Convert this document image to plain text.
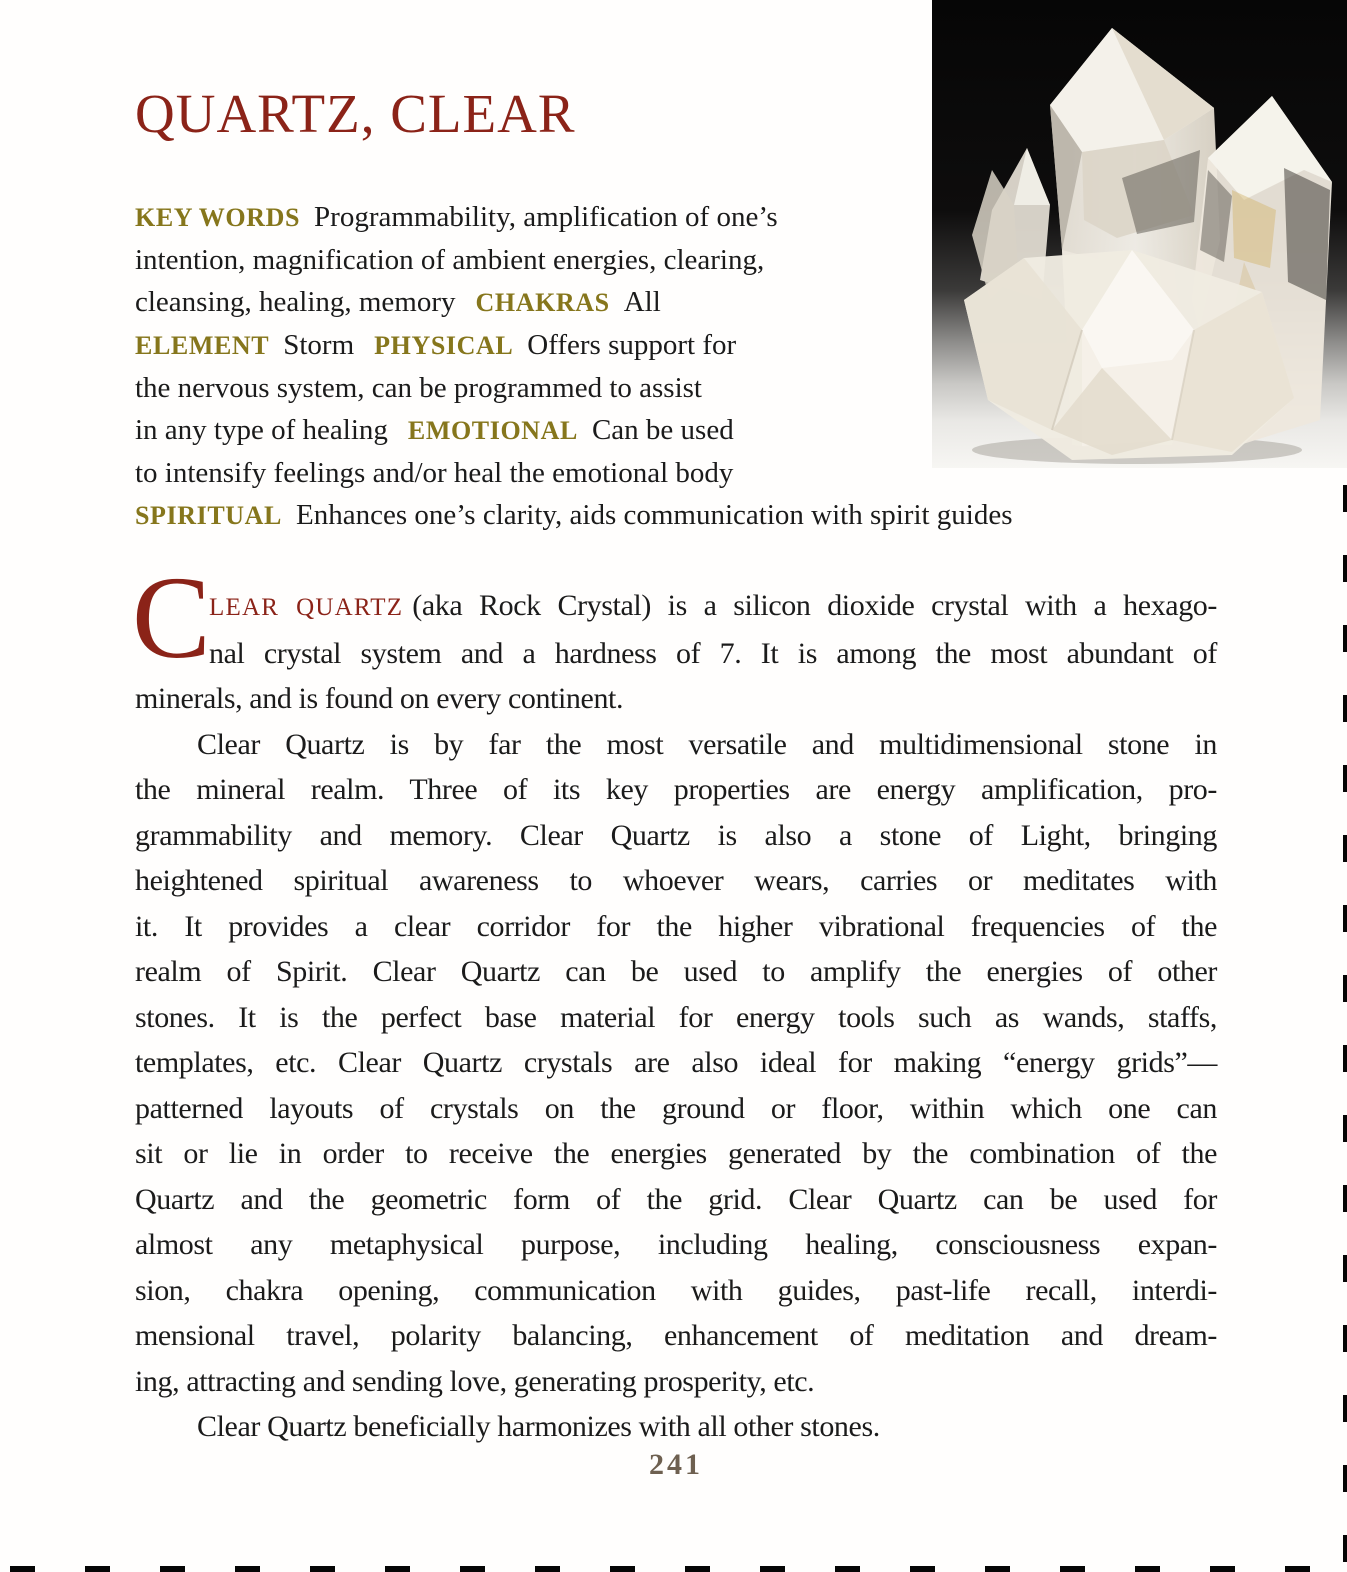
QUARTZ, CLEAR
KEY WORDS Programmability, amplification of one’s
intention, magnification of ambient energies, clearing,
cleansing, healing, memory CHAKRAS All
ELEMENT Storm PHYSICAL Offers support for
the nervous system, can be programmed to assist
in any type of healing EMOTIONAL Can be used
to intensify feelings and/or heal the emotional body
SPIRITUAL Enhances one’s clarity, aids communication with spirit guides
C
LEAR QUARTZ (aka Rock Crystal) is a silicon dioxide crystal with a hexago-
nal crystal system and a hardness of 7. It is among the most abundant of
minerals, and is found on every continent.
Clear Quartz is by far the most versatile and multidimensional stone in
the mineral realm. Three of its key properties are energy amplification, pro-
grammability and memory. Clear Quartz is also a stone of Light, bringing
heightened spiritual awareness to whoever wears, carries or meditates with
it. It provides a clear corridor for the higher vibrational frequencies of the
realm of Spirit. Clear Quartz can be used to amplify the energies of other
stones. It is the perfect base material for energy tools such as wands, staffs,
templates, etc. Clear Quartz crystals are also ideal for making “energy grids”—
patterned layouts of crystals on the ground or floor, within which one can
sit or lie in order to receive the energies generated by the combination of the
Quartz and the geometric form of the grid. Clear Quartz can be used for
almost any metaphysical purpose, including healing, consciousness expan-
sion, chakra opening, communication with guides, past-life recall, interdi-
mensional travel, polarity balancing, enhancement of meditation and dream-
ing, attracting and sending love, generating prosperity, etc.
Clear Quartz beneficially harmonizes with all other stones.
241
